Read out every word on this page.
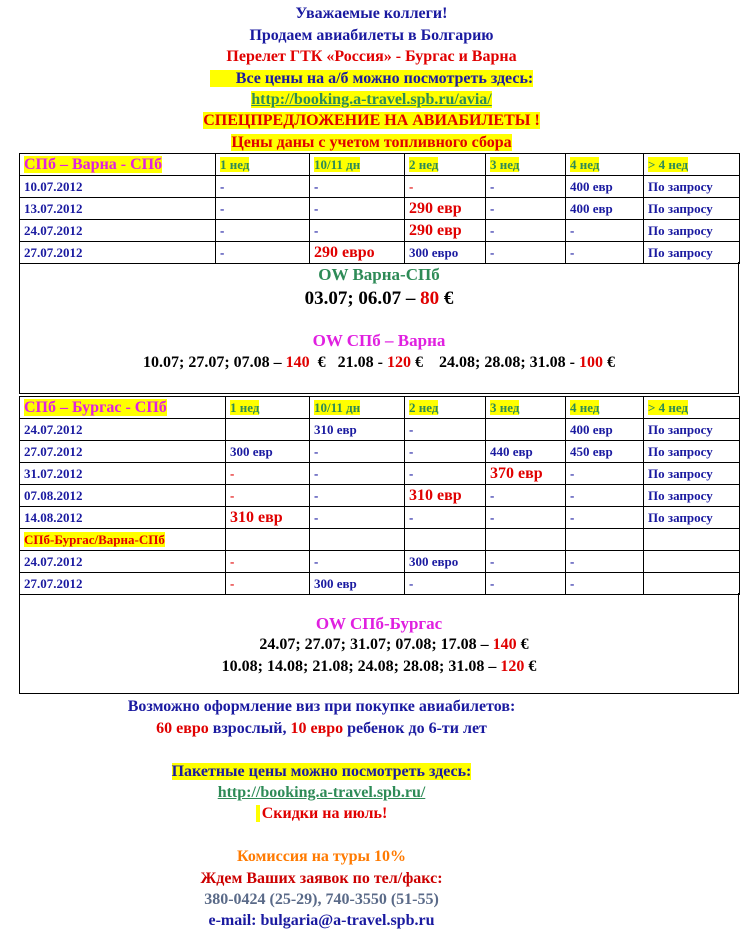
Уважаемые коллеги!
Продаем авиабилеты в Болгарию
Перелет ГТК «Россия» - Бургас и Варна
Все цены на а/б можно посмотреть здесь:
http://booking.a-travel.spb.ru/avia/
СПЕЦПРЕДЛОЖЕНИЕ НА АВИАБИЛЕТЫ !
Цены даны с учетом топливного сбора
СПб – Варна - СПб	1 нед	10/11 дн	2 нед	3 нед	4 нед	> 4 нед
10.07.2012	-	-	-	-	400 евр	По запросу
13.07.2012	-	-	290 евр	-	400 евр	По запросу
24.07.2012	-	-	290 евр	-	-	По запросу
27.07.2012	-	290 евро	300 евро	-	-	По запросу
OW Варна-СПб
03.07; 06.07 – 80 €
OW СПб – Варна
10.07; 27.07; 07.08 – 140 € 21.08 - 120 € 24.08; 28.08; 31.08 - 100 €
СПб – Бургас - СПб	1 нед	10/11 дн	2 нед	3 нед	4 нед	> 4 нед
24.07.2012		310 евр	-		400 евр	По запросу
27.07.2012	300 евр	-	-	440 евр	450 евр	По запросу
31.07.2012	-	-	-	370 евр	-	По запросу
07.08.2012	-	-	310 евр	-	-	По запросу
14.08.2012	310 евр	-	-	-	-	По запросу
СПб-Бургас/Варна-СПб						
24.07.2012	-	-	300 евро	-	-	
27.07.2012	-	300 евр	-	-	-	
OW СПб-Бургас
24.07; 27.07; 31.07; 07.08; 17.08 – 140 €
10.08; 14.08; 21.08; 24.08; 28.08; 31.08 – 120 €
Возможно оформление виз при покупке авиабилетов:
60 евро взрослый, 10 евро ребенок до 6-ти лет
Пакетные цены можно посмотреть здесь:
http://booking.a-travel.spb.ru/
Скидки на июль!
Комиссия на туры 10%
Ждем Ваших заявок по тел/факс:
380-0424 (25-29), 740-3550 (51-55)
e-mail: bulgaria@a-travel.spb.ru
